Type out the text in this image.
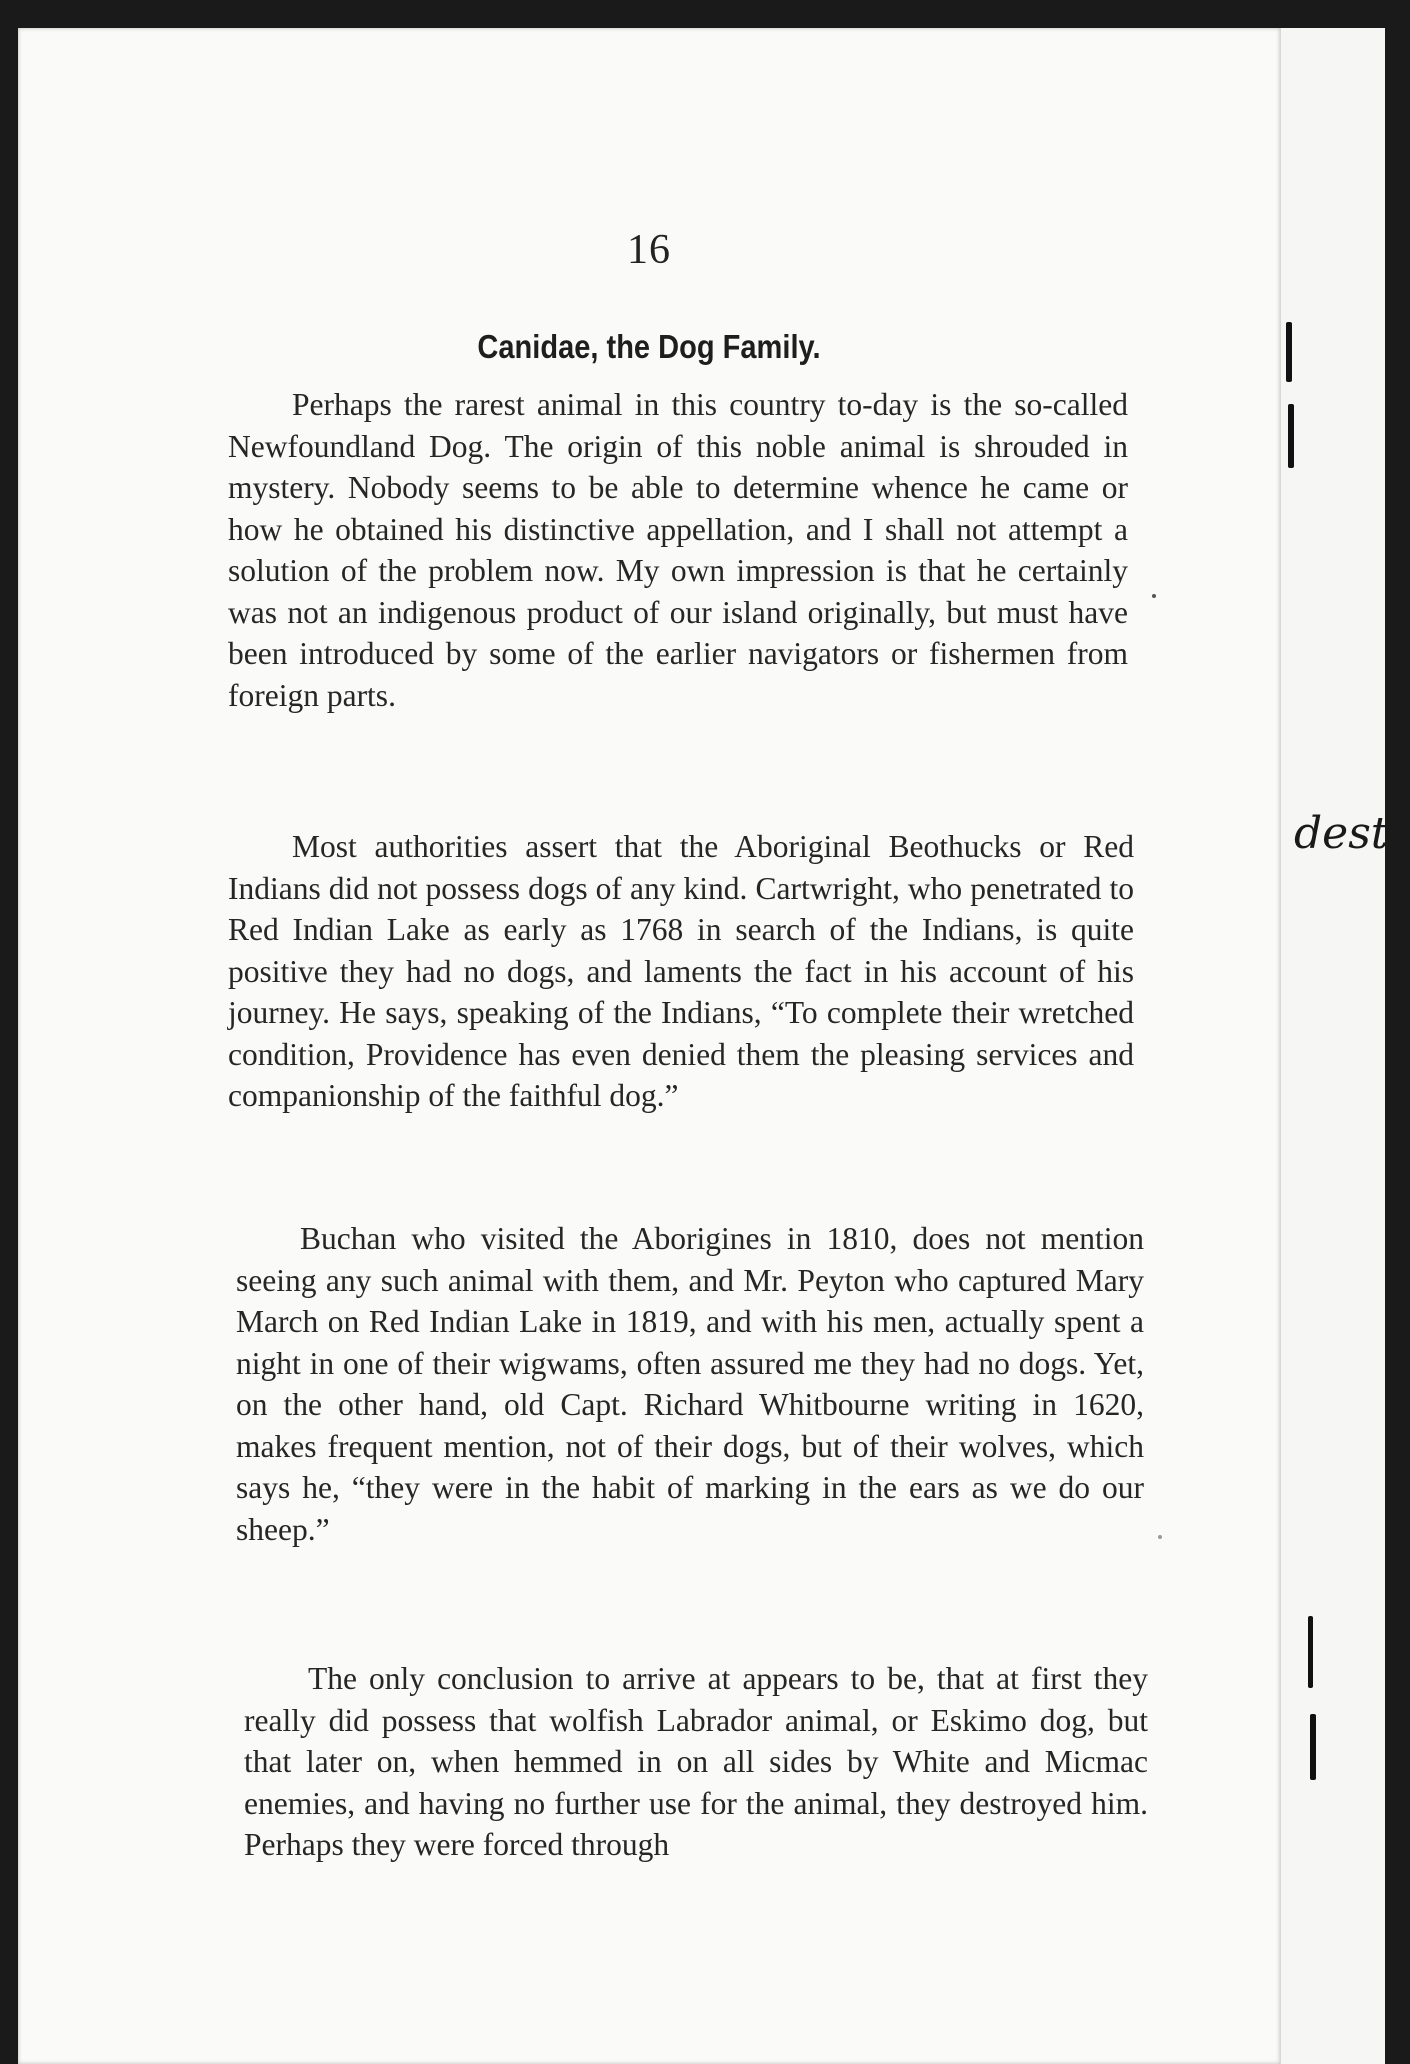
16
Canidae, the Dog Family.

Perhaps the rarest animal in this country to-day is the so-called Newfoundland Dog. The origin of this noble animal is shrouded in mystery. Nobody seems to be able to determine whence he came or how he obtained his distinctive appellation, and I shall not attempt a solution of the problem now. My own impression is that he certainly was not an indigenous product of our island originally, but must have been introduced by some of the earlier navigators or fishermen from foreign parts.

Most authorities assert that the Aboriginal Beothucks or Red Indians did not possess dogs of any kind. Cartwright, who penetrated to Red Indian Lake as early as 1768 in search of the Indians, is quite positive they had no dogs, and laments the fact in his account of his journey. He says, speaking of the Indians, “To complete their wretched condition, Providence has even denied them the pleasing services and companionship of the faithful dog.”

Buchan who visited the Aborigines in 1810, does not mention seeing any such animal with them, and Mr. Peyton who captured Mary March on Red Indian Lake in 1819, and with his men, actually spent a night in one of their wigwams, often assured me they had no dogs. Yet, on the other hand, old Capt. Richard Whitbourne writing in 1620, makes frequent mention, not of their dogs, but of their wolves, which says he, “they were in the habit of marking in the ears as we do our sheep.”

The only conclusion to arrive at appears to be, that at first they really did possess that wolfish Labrador animal, or Eskimo dog, but that later on, when hemmed in on all sides by White and Micmac enemies, and having no further use for the animal, they destroyed him. Perhaps they were forced through

destr
